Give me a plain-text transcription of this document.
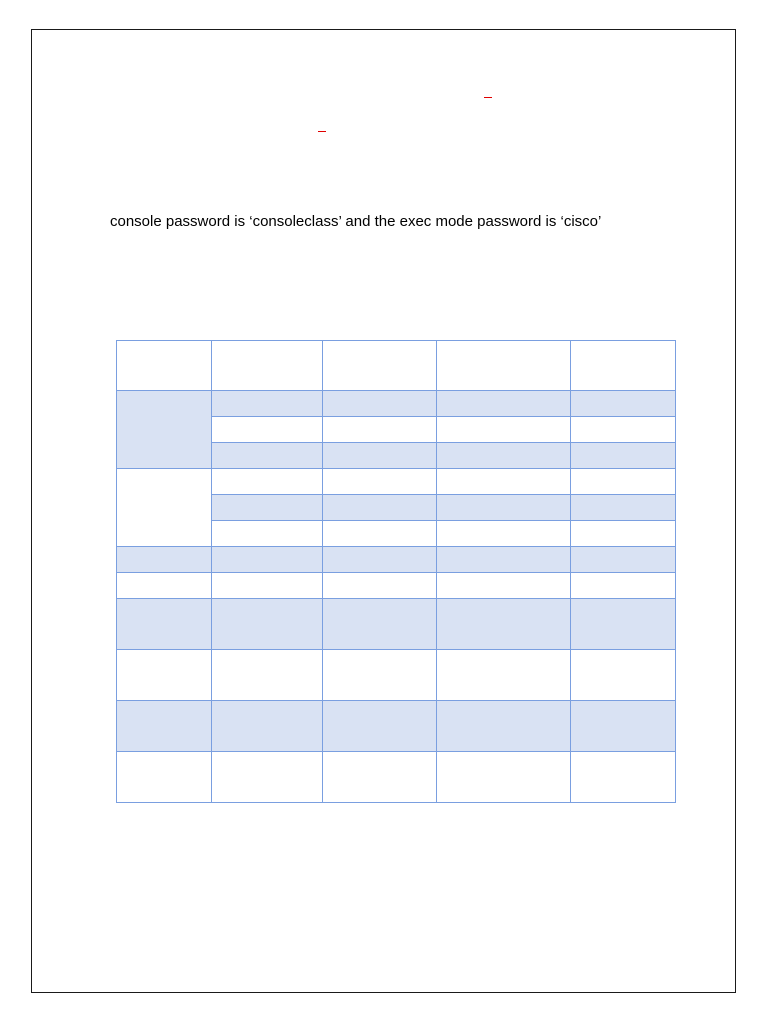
console password is ‘consoleclass’ and the exec mode password is ‘cisco’
